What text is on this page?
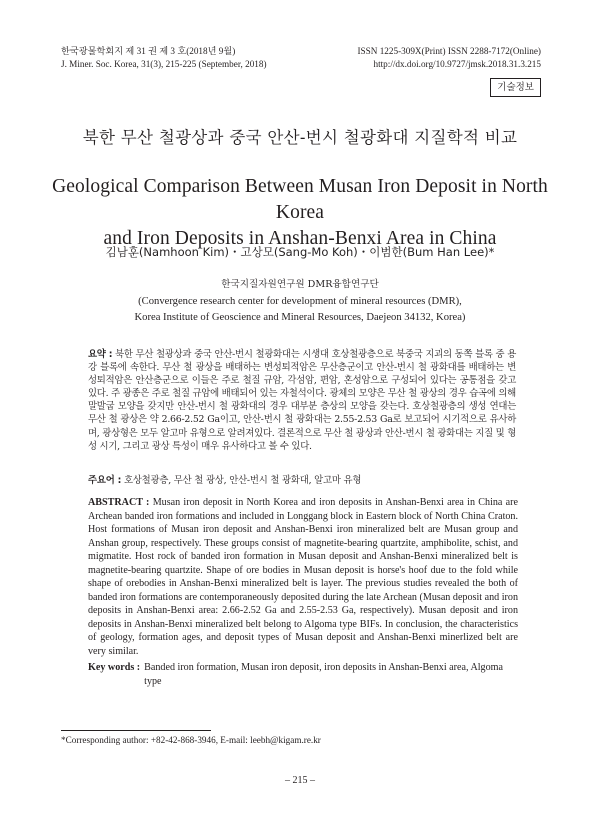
한국광물학회지 제 31 권 제 3 호(2018년 9월)
J. Miner. Soc. Korea, 31(3), 215-225 (September, 2018)
ISSN 1225-309X(Print) ISSN 2288-7172(Online)
http://dx.doi.org/10.9727/jmsk.2018.31.3.215
기술정보
북한 무산 철광상과 중국 안산-번시 철광화대 지질학적 비교
Geological Comparison Between Musan Iron Deposit in North Korea
and Iron Deposits in Anshan-Benxi Area in China
김남훈(Namhoon Kim)・고상모(Sang-Mo Koh)・이범한(Bum Han Lee)*
한국지질자원연구원 DMR융합연구단
(Convergence research center for development of mineral resources (DMR),
Korea Institute of Geoscience and Mineral Resources, Daejeon 34132, Korea)
요약 : 북한 무산 철광상과 중국 안산-번시 철광화대는 시생대 호상철광층으로 북중국 지괴의 동쪽 블록 중 용강 블록에 속한다. 무산 철 광상을 배태하는 변성퇴적암은 무산층군이고 안산-번시 철 광화대를 배태하는 변성퇴적암은 안산층군으로 이들은 주로 철질 규암, 각섬암, 편암, 혼성암으로 구성되어 있다는 공통점을 갖고 있다. 주 광종은 주로 철질 규암에 배태되어 있는 자철석이다. 광체의 모양은 무산 철 광상의 경우 습곡에 의해 말발굽 모양을 갖지만 안산-번시 철 광화대의 경우 대부분 층상의 모양을 갖는다. 호상철광층의 생성 연대는 무산 철 광상은 약 2.66-2.52 Ga이고, 안산-번시 철 광화대는 2.55-2.53 Ga로 보고되어 시기적으로 유사하며, 광상형은 모두 알고마 유형으로 알려져있다. 결론적으로 무산 철 광상과 안산-번시 철 광화대는 지질 및 형성 시기, 그리고 광상 특성이 매우 유사하다고 볼 수 있다.
주요어 : 호상철광층, 무산 철 광상, 안산-번시 철 광화대, 알고마 유형
ABSTRACT : Musan iron deposit in North Korea and iron deposits in Anshan-Benxi area in China are Archean banded iron formations and included in Longgang block in Eastern block of North China Craton. Host formations of Musan iron deposit and Anshan-Benxi iron mineralized belt are Musan group and Anshan group, respectively. These groups consist of magnetite-bearing quartzite, amphibolite, schist, and migmatite. Host rock of banded iron formation in Musan deposit and Anshan-Benxi mineralized belt is magnetite-bearing quartzite. Shape of ore bodies in Musan deposit is horse's hoof due to the fold while shape of orebodies in Anshan-Benxi mineralized belt is layer. The previous studies revealed the both of banded iron formations are contemporaneously deposited during the late Archean (Musan deposit and iron deposits in Anshan-Benxi area: 2.66-2.52 Ga and 2.55-2.53 Ga, respectively). Musan deposit and iron deposits in Anshan-Benxi mineralized belt belong to Algoma type BIFs. In conclusion, the characteristics of geology, formation ages, and deposit types of Musan deposit and Anshan-Benxi minerlized belt are very similar.
Key words : Banded iron formation, Musan iron deposit, iron deposits in Anshan-Benxi area, Algoma type
*Corresponding author: +82-42-868-3946, E-mail: leebh@kigam.re.kr
– 215 –
